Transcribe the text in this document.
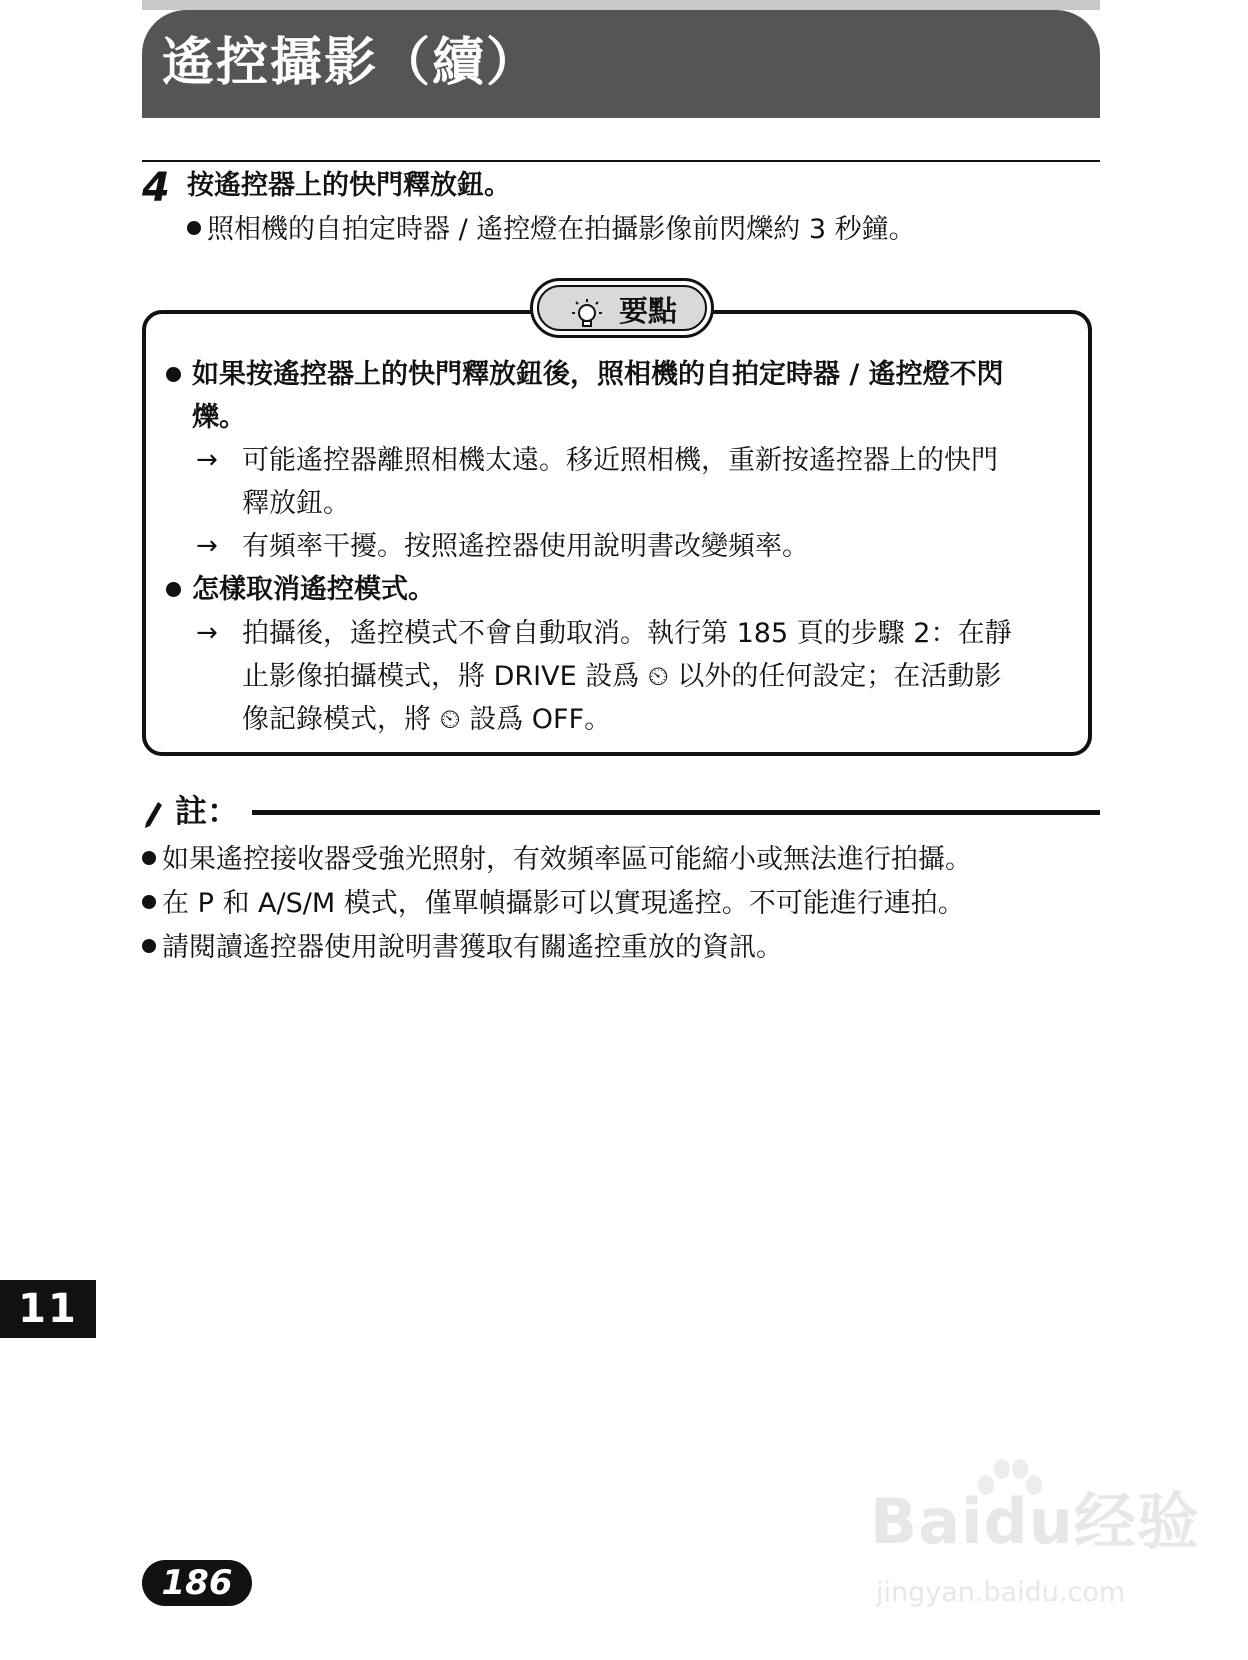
遙控攝影（續）
4 按遙控器上的快門釋放鈕。
照相機的自拍定時器 / 遙控燈在拍攝影像前閃爍約 3 秒鐘。
要點
如果按遙控器上的快門釋放鈕後，照相機的自拍定時器 / 遙控燈不閃
爍。
→ 可能遙控器離照相機太遠。移近照相機，重新按遙控器上的快門
釋放鈕。
→ 有頻率干擾。按照遙控器使用說明書改變頻率。
怎樣取消遙控模式。
→ 拍攝後，遙控模式不會自動取消。執行第 185 頁的步驟 2：在靜
止影像拍攝模式，將 DRIVE 設爲 ⏲ 以外的任何設定；在活動影
像記錄模式，將 ⏲ 設爲 OFF。
註：
如果遙控接收器受強光照射，有效頻率區可能縮小或無法進行拍攝。
在 P 和 A/S/M 模式，僅單幀攝影可以實現遙控。不可能進行連拍。
請閱讀遙控器使用說明書獲取有關遙控重放的資訊。
11
186
Baidu经验
jingyan.baidu.com
